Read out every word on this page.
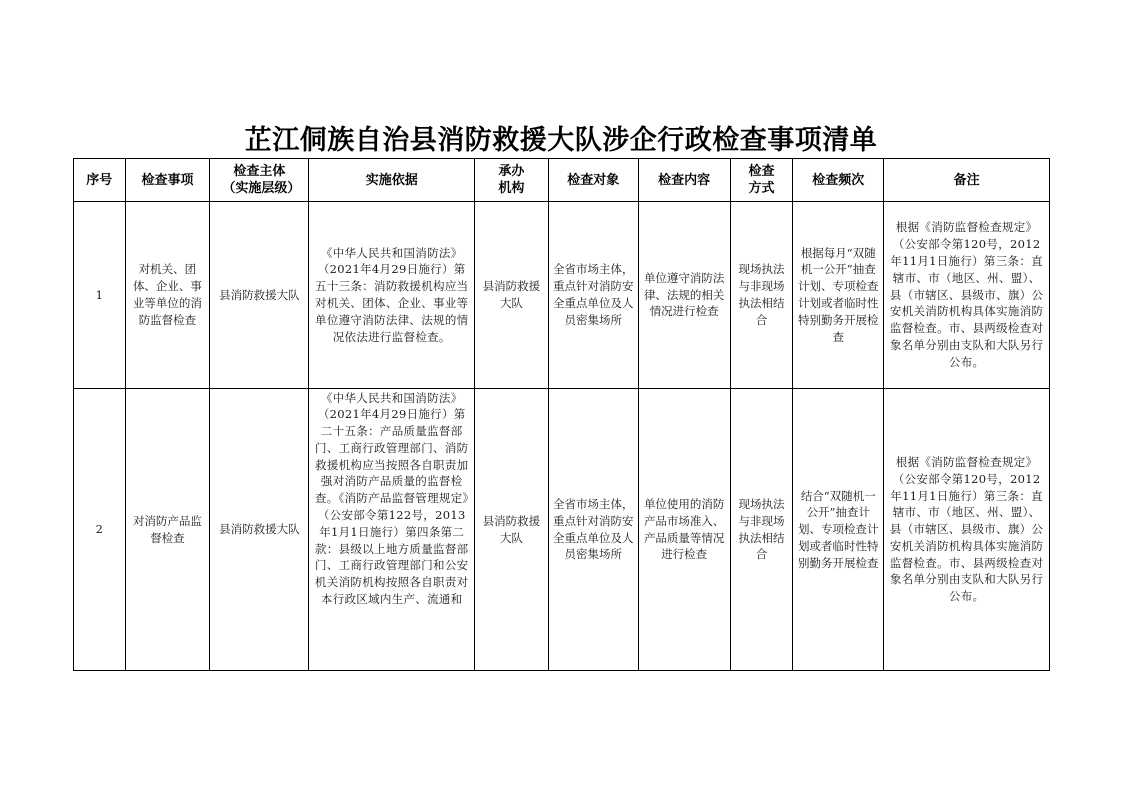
芷江侗族自治县消防救援大队涉企行政检查事项清单
序号	检查事项	检查主体（实施层级）	实施依据	承办机构	检查对象	检查内容	检查方式	检查频次	备注
1	对机关、团体、企业、事业等单位的消防监督检查	县消防救援大队	《中华人民共和国消防法》（2021年4月29日施行）第五十三条：消防救援机构应当对机关、团体、企业、事业等单位遵守消防法律、法规的情况依法进行监督检查。	县消防救援大队	全省市场主体，重点针对消防安全重点单位及人员密集场所	单位遵守消防法律、法规的相关情况进行检查	现场执法与非现场执法相结合	根据每月“双随机一公开”抽查计划、专项检查计划或者临时性特别勤务开展检查	根据《消防监督检查规定》（公安部令第120号，2012年11月1日施行）第三条：直辖市、市（地区、州、盟）、县（市辖区、县级市、旗）公安机关消防机构具体实施消防监督检查。市、县两级检查对象名单分别由支队和大队另行公布。
2	对消防产品监督检查	县消防救援大队	《中华人民共和国消防法》（2021年4月29日施行）第二十五条：产品质量监督部门、工商行政管理部门、消防救援机构应当按照各自职责加强对消防产品质量的监督检查。《消防产品监督管理规定》（公安部令第122号，2013年1月1日施行）第四条第二款：县级以上地方质量监督部门、工商行政管理部门和公安机关消防机构按照各自职责对本行政区域内生产、流通和	县消防救援大队	全省市场主体，重点针对消防安全重点单位及人员密集场所	单位使用的消防产品市场准入、产品质量等情况进行检查	现场执法与非现场执法相结合	结合“双随机一公开”抽查计划、专项检查计划或者临时性特别勤务开展检查	根据《消防监督检查规定》（公安部令第120号，2012年11月1日施行）第三条：直辖市、市（地区、州、盟）、县（市辖区、县级市、旗）公安机关消防机构具体实施消防监督检查。市、县两级检查对象名单分别由支队和大队另行公布。
